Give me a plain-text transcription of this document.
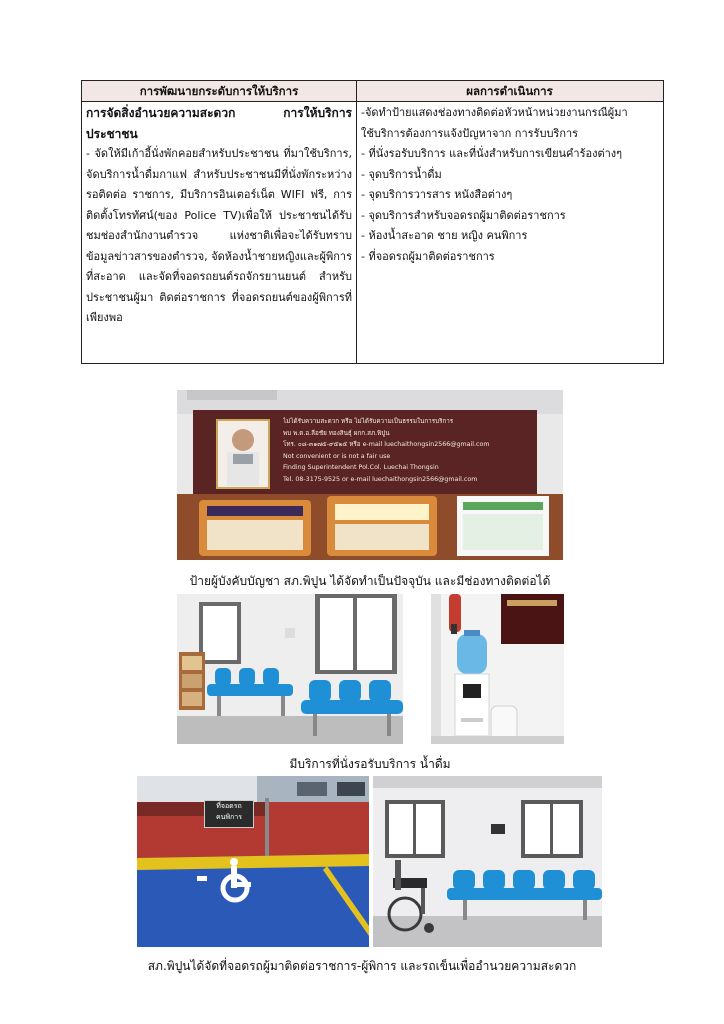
การพัฒนายกระดับการให้บริการ	ผลการดำเนินการ
การจัดสิ่งอำนวยความสะดวก การให้บริการประชาชน
- จัดให้มีเก้าอี้นั่งพักคอยสำหรับประชาชน ที่มาใช้บริการ, จัดบริการน้ำดื่มกาแฟ สำหรับประชาชนมีที่นั่งพักระหว่างรอติดต่อ ราชการ, มีบริการอินเตอร์เน็ต WIFI ฟรี, การติดตั้งโทรทัศน์(ของ Police TV)เพื่อให้ ประชาชนได้รับชมช่องสำนักงานตำรวจ แห่งชาติเพื่อจะได้รับทราบข้อมูลข่าวสารของตำรวจ, จัดห้องน้ำชายหญิงและผู้พิการที่สะอาด และจัดที่จอดรถยนต์รถจักรยานยนต์ สำหรับประชาชนผู้มา ติดต่อราชการ ที่จอดรถยนต์ของผู้พิการที่ เพียงพอ
-จัดทำป้ายแสดงช่องทางติดต่อหัวหน้าหน่วยงานกรณีผู้มา
ใช้บริการต้องการแจ้งปัญหาจาก การรับบริการ
- ที่นั่งรอรับบริการ และที่นั่งสำหรับการเขียนคำร้องต่างๆ
- จุดบริการน้ำดื่ม
- จุดบริการวารสาร หนังสือต่างๆ
- จุดบริการสำหรับจอดรถผู้มาติดต่อราชการ
- ห้องน้ำสะอาด ชาย หญิง คนพิการ
- ที่จอดรถผู้มาติดต่อราชการ
ไม่ได้รับความสะดวก หรือ ไม่ได้รับความเป็นธรรมในการบริการ
พบ พ.ต.อ.ลือชัย ทองสินธุ์ ผกก.สภ.พิปูน
โทร. ๐๘-๓๑๗๕-๙๕๒๕ หรือ e-mail luechaithongsin2566@gmail.com
Not convenient or is not a fair use
Finding Superintendent Pol.Col. Luechai Thongsin
Tel. 08-3175-9525 or e-mail luechaithongsin2566@gmail.com
ป้ายผู้บังคับบัญชา สภ.พิปูน ได้จัดทำเป็นปัจจุบัน และมีช่องทางติดต่อได้
มีบริการที่นั่งรอรับบริการ น้ำดื่ม
ที่จอดรถ
คนพิการ
สภ.พิปูนได้จัดที่จอดรถผู้มาติดต่อราชการ-ผู้พิการ และรถเข็นเพื่ออำนวยความสะดวก
